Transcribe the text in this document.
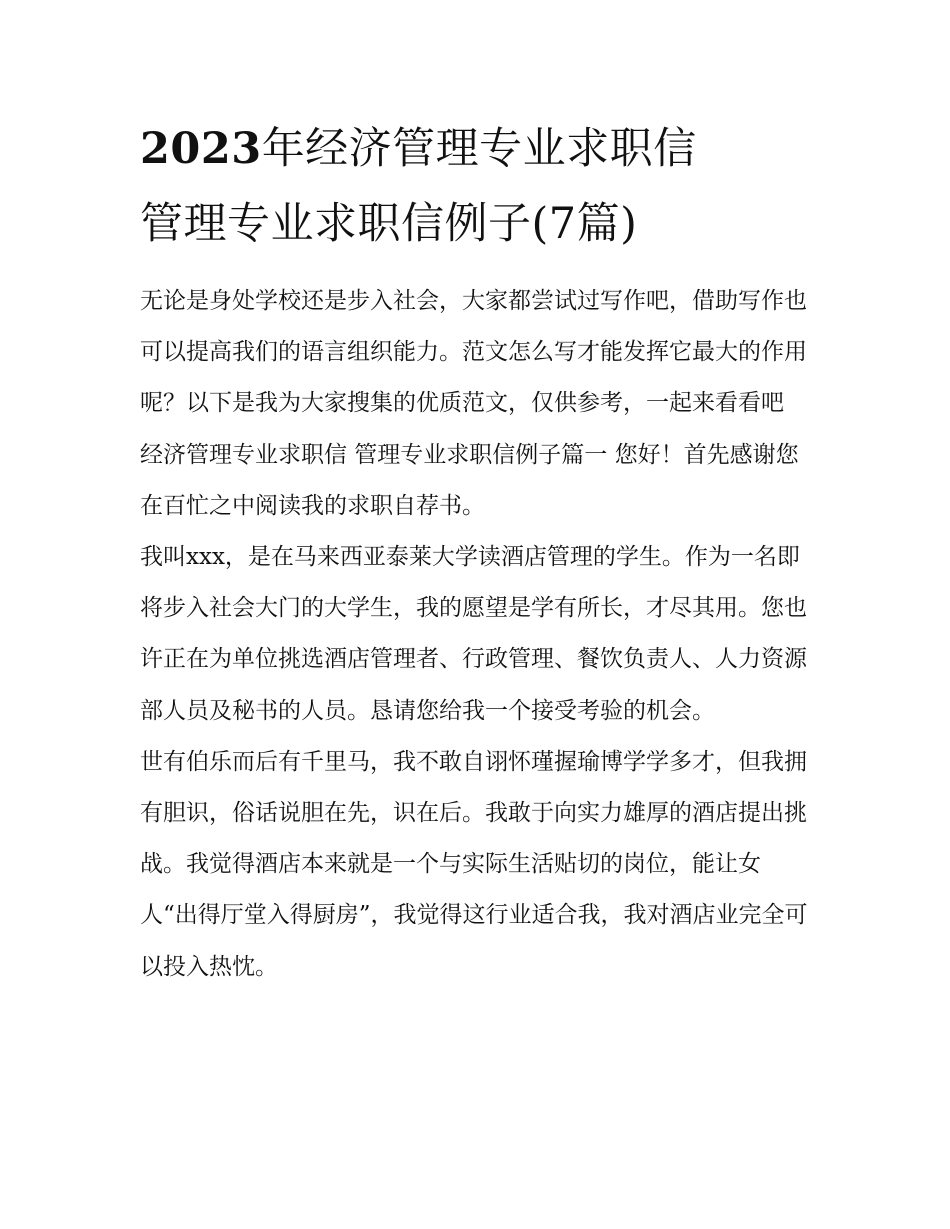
2023年经济管理专业求职信
管理专业求职信例子(7篇)

无论是身处学校还是步入社会，大家都尝试过写作吧，借助写作也可以提高我们的语言组织能力。范文怎么写才能发挥它最大的作用呢？以下是我为大家搜集的优质范文，仅供参考，一起来看看吧

经济管理专业求职信 管理专业求职信例子篇一 您好！首先感谢您在百忙之中阅读我的求职自荐书。

我叫xxx，是在马来西亚泰莱大学读酒店管理的学生。作为一名即将步入社会大门的大学生，我的愿望是学有所长，才尽其用。您也许正在为单位挑选酒店管理者、行政管理、餐饮负责人、人力资源部人员及秘书的人员。恳请您给我一个接受考验的机会。

世有伯乐而后有千里马，我不敢自诩怀瑾握瑜博学学多才，但我拥有胆识，俗话说胆在先，识在后。我敢于向实力雄厚的酒店提出挑战。我觉得酒店本来就是一个与实际生活贴切的岗位，能让女人“出得厅堂入得厨房”，我觉得这行业适合我，我对酒店业完全可以投入热忱。
